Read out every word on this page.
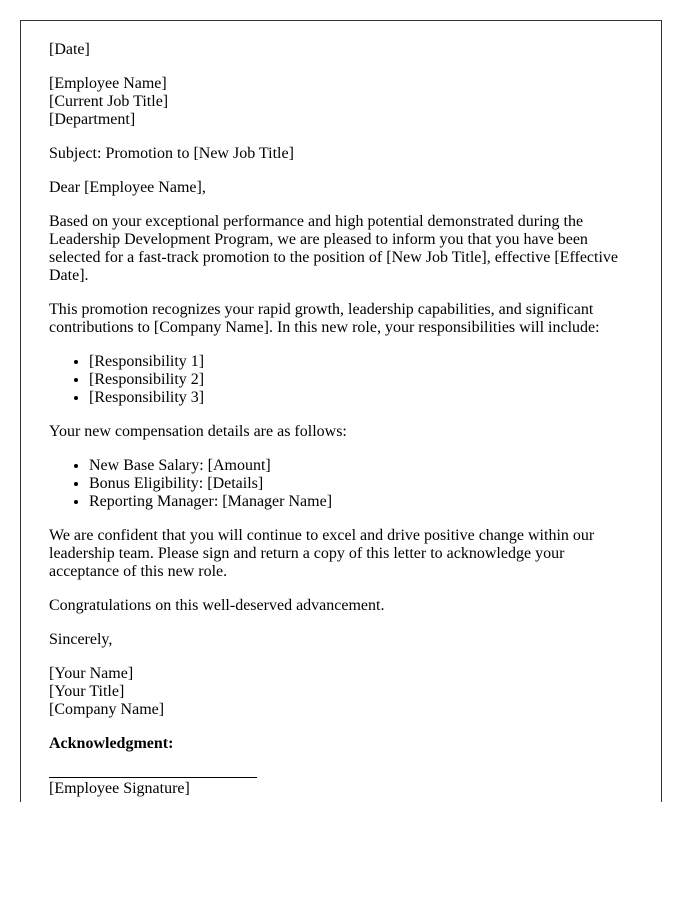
[Date]

[Employee Name]
[Current Job Title]
[Department]

Subject: Promotion to [New Job Title]

Dear [Employee Name],

Based on your exceptional performance and high potential demonstrated during the Leadership Development Program, we are pleased to inform you that you have been selected for a fast-track promotion to the position of [New Job Title], effective [Effective Date].

This promotion recognizes your rapid growth, leadership capabilities, and significant contributions to [Company Name]. In this new role, your responsibilities will include:

• [Responsibility 1]
• [Responsibility 2]
• [Responsibility 3]

Your new compensation details are as follows:

• New Base Salary: [Amount]
• Bonus Eligibility: [Details]
• Reporting Manager: [Manager Name]

We are confident that you will continue to excel and drive positive change within our leadership team. Please sign and return a copy of this letter to acknowledge your acceptance of this new role.

Congratulations on this well-deserved advancement.

Sincerely,

[Your Name]
[Your Title]
[Company Name]

Acknowledgment:

[Employee Signature]
